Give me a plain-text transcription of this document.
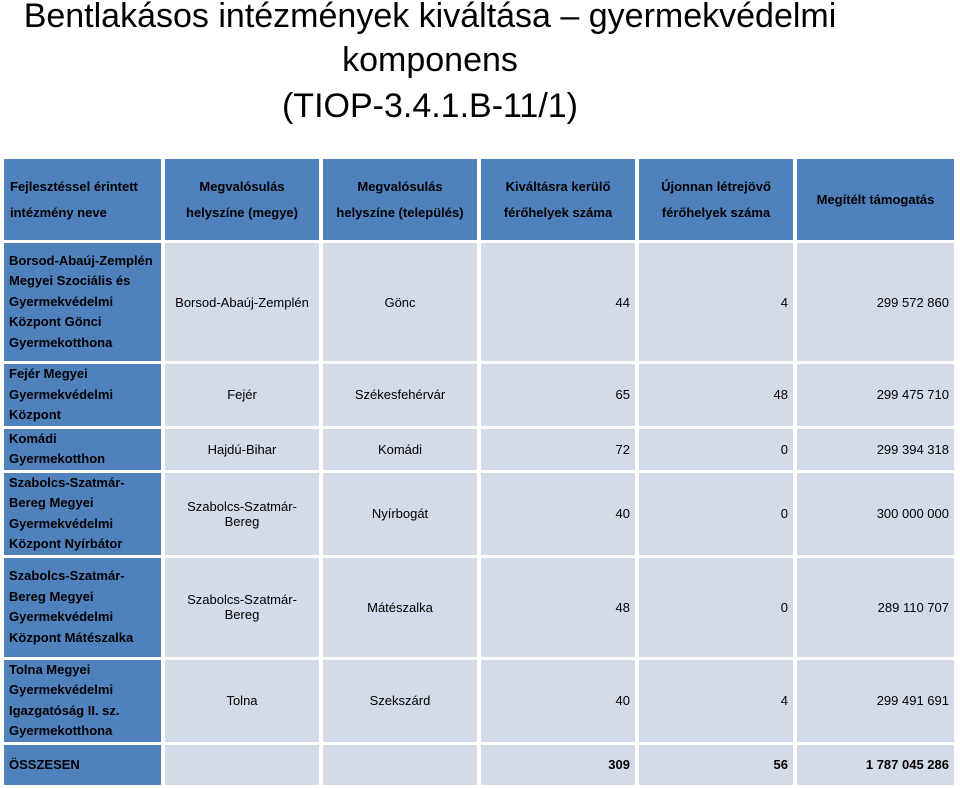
Bentlakásos intézmények kiváltása – gyermekvédelmi
komponens
(TIOP-3.4.1.B-11/1)
Fejlesztéssel érintett intézmény neve	Megvalósulás helyszíne (megye)	Megvalósulás helyszíne (település)	Kiváltásra kerülő férőhelyek száma	Újonnan létrejövő férőhelyek száma	Megítélt támogatás
Borsod-Abaúj-Zemplén Megyei Szociális és Gyermekvédelmi Központ Gönci Gyermekotthona	Borsod-Abaúj-Zemplén	Gönc	44	4	299 572 860
Fejér Megyei Gyermekvédelmi Központ	Fejér	Székesfehérvár	65	48	299 475 710
Komádi Gyermekotthon	Hajdú-Bihar	Komádi	72	0	299 394 318
Szabolcs-Szatmár-Bereg Megyei Gyermekvédelmi Központ Nyírbátor	Szabolcs-Szatmár-Bereg	Nyírbogát	40	0	300 000 000
Szabolcs-Szatmár-Bereg Megyei Gyermekvédelmi Központ Mátészalka	Szabolcs-Szatmár-Bereg	Mátészalka	48	0	289 110 707
Tolna Megyei Gyermekvédelmi Igazgatóság II. sz. Gyermekotthona	Tolna	Szekszárd	40	4	299 491 691
ÖSSZESEN			309	56	1 787 045 286
